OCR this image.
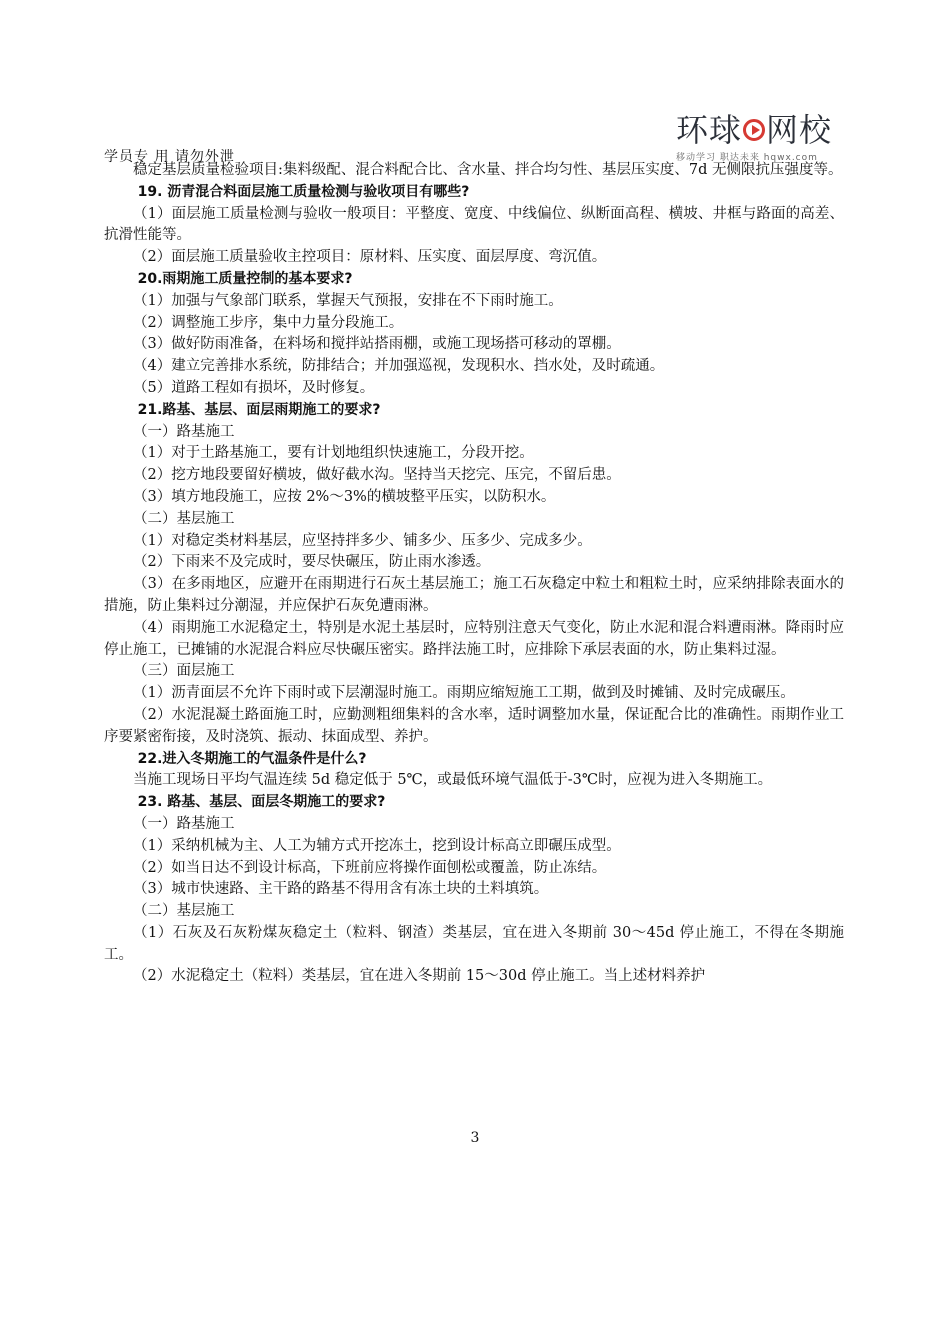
学员专 用 请勿外泄
环球 网校
移动学习 职达未来 hqwx.com

稳定基层质量检验项目:集料级配、混合料配合比、含水量、拌合均匀性、基层压实度、7d 无侧限抗压强度等。

19. 沥青混合料面层施工质量检测与验收项目有哪些?

（1）面层施工质量检测与验收一般项目：平整度、宽度、中线偏位、纵断面高程、横坡、井框与路面的高差、抗滑性能等。

（2）面层施工质量验收主控项目：原材料、压实度、面层厚度、弯沉值。

20.雨期施工质量控制的基本要求?

（1）加强与气象部门联系，掌握天气预报，安排在不下雨时施工。

（2）调整施工步序，集中力量分段施工。

（3）做好防雨准备，在料场和搅拌站搭雨棚，或施工现场搭可移动的罩棚。

（4）建立完善排水系统，防排结合；并加强巡视，发现积水、挡水处，及时疏通。

（5）道路工程如有损坏，及时修复。

21.路基、基层、面层雨期施工的要求?

（一）路基施工

（1）对于土路基施工，要有计划地组织快速施工，分段开挖。

（2）挖方地段要留好横坡，做好截水沟。坚持当天挖完、压完，不留后患。

（3）填方地段施工，应按 2%～3%的横坡整平压实，以防积水。

（二）基层施工

（1）对稳定类材料基层，应坚持拌多少、铺多少、压多少、完成多少。

（2）下雨来不及完成时，要尽快碾压，防止雨水渗透。

（3）在多雨地区，应避开在雨期进行石灰土基层施工；施工石灰稳定中粒土和粗粒土时，应采纳排除表面水的措施，防止集料过分潮湿，并应保护石灰免遭雨淋。

（4）雨期施工水泥稳定土，特别是水泥土基层时，应特别注意天气变化，防止水泥和混合料遭雨淋。降雨时应停止施工，已摊铺的水泥混合料应尽快碾压密实。路拌法施工时，应排除下承层表面的水，防止集料过湿。

（三）面层施工

（1）沥青面层不允许下雨时或下层潮湿时施工。雨期应缩短施工工期，做到及时摊铺、及时完成碾压。

（2）水泥混凝土路面施工时，应勤测粗细集料的含水率，适时调整加水量，保证配合比的准确性。雨期作业工序要紧密衔接，及时浇筑、振动、抹面成型、养护。

22.进入冬期施工的气温条件是什么?

当施工现场日平均气温连续 5d 稳定低于 5℃，或最低环境气温低于-3℃时，应视为进入冬期施工。

23. 路基、基层、面层冬期施工的要求?

（一）路基施工

（1）采纳机械为主、人工为辅方式开挖冻土，挖到设计标高立即碾压成型。

（2）如当日达不到设计标高，下班前应将操作面刨松或覆盖，防止冻结。

（3）城市快速路、主干路的路基不得用含有冻土块的土料填筑。

（二）基层施工

（1）石灰及石灰粉煤灰稳定土（粒料、钢渣）类基层，宜在进入冬期前 30～45d 停止施工，不得在冬期施工。

（2）水泥稳定土（粒料）类基层，宜在进入冬期前 15～30d 停止施工。当上述材料养护

3
